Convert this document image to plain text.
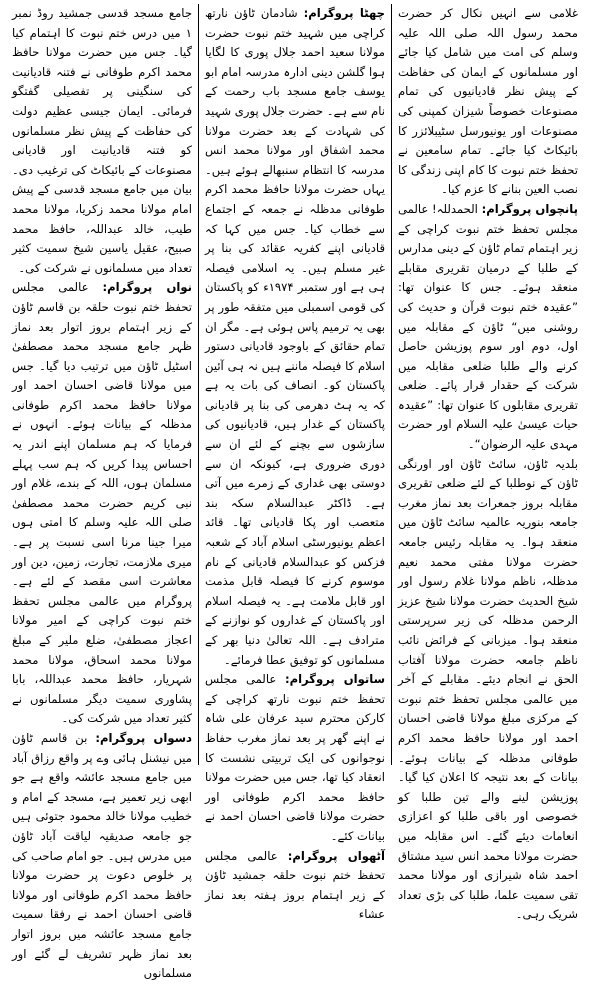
غلامی سے انہیں نکال کر حضرت محمد رسول اللہ صلی اللہ علیہ وسلم کی امت میں شامل کیا جائے اور مسلمانوں کے ایمان کی حفاظت کے پیش نظر قادیانیوں کی تمام مصنوعات خصوصاً شیزان کمپنی کی مصنوعات اور یونیورسل سٹیبلائزر کا بائیکاٹ کیا جائے۔ تمام سامعین نے تحفظ ختم نبوت کا کام اپنی زندگی کا نصب العین بنانے کا عزم کیا۔

پانچواں پروگرام: الحمدللہ! عالمی مجلس تحفظ ختم نبوت کراچی کے زیر اہتمام تمام ٹاؤن کے دینی مدارس کے طلبا کے درمیان تقریری مقابلے منعقد ہوئے۔ جس کا عنوان تھا: ”عقیدہ ختم نبوت قرآن و حدیث کی روشنی میں“ ٹاؤن کے مقابلہ میں اول، دوم اور سوم پوزیشن حاصل کرنے والے طلبا ضلعی مقابلہ میں شرکت کے حقدار قرار پائے۔ ضلعی تقریری مقابلوں کا عنوان تھا: ”عقیدہ حیات عیسیٰ علیہ السلام اور حضرت مہدی علیہ الرضوان“۔

بلدیہ ٹاؤن، سائٹ ٹاؤن اور اورنگی ٹاؤن کے نوطلبا کے لئے ضلعی تقریری مقابلہ بروز جمعرات بعد نماز مغرب جامعہ بنوریہ عالمیہ سائٹ ٹاؤن میں منعقد ہوا۔ یہ مقابلہ رئیس جامعہ حضرت مولانا مفتی محمد نعیم مدظلہ، ناظم مولانا غلام رسول اور شیخ الحدیث حضرت مولانا شیخ عزیز الرحمن مدظلہ کی زیر سرپرستی منعقد ہوا۔ میزبانی کے فرائض نائب ناظم جامعہ حضرت مولانا آفتاب الحق نے انجام دیئے۔ مقابلے کے آخر میں عالمی مجلس تحفظ ختم نبوت کے مرکزی مبلغ مولانا قاضی احسان احمد اور مولانا حافظ محمد اکرم طوفانی مدظلہ کے بیانات ہوئے۔ بیانات کے بعد نتیجہ کا اعلان کیا گیا۔ پوزیشن لینے والے تین طلبا کو خصوصی اور باقی طلبا کو اعزازی انعامات دیئے گئے۔ اس مقابلہ میں حضرت مولانا محمد انس سید مشتاق احمد شاہ شیرازی اور مولانا محمد تقی سمیت علما، طلبا کی بڑی تعداد شریک رہی۔

چھٹا پروگرام: شادمان ٹاؤن نارتھ کراچی میں شہید ختم نبوت حضرت مولانا سعید احمد جلال پوری کا لگایا ہوا گلشن دینی ادارہ مدرسہ امام ابو یوسف جامع مسجد باب رحمت کے نام سے ہے۔ حضرت جلال پوری شہید کی شہادت کے بعد حضرت مولانا محمد اشفاق اور مولانا محمد انس مدرسہ کا انتظام سنبھالے ہوئے ہیں۔ یہاں حضرت مولانا حافظ محمد اکرم طوفانی مدظلہ نے جمعہ کے اجتماع سے خطاب کیا۔ جس میں کہا کہ قادیانی اپنے کفریہ عقائد کی بنا پر غیر مسلم ہیں۔ یہ اسلامی فیصلہ ہی ہے اور ستمبر ۱۹۷۴ء کو پاکستان کی قومی اسمبلی میں متفقہ طور پر بھی یہ ترمیم پاس ہوئی ہے۔ مگر ان تمام حقائق کے باوجود قادیانی دستور اسلام کا فیصلہ ماننے ہیں نہ ہی آئین پاکستان کو۔ انصاف کی بات یہ ہے کہ یہ ہٹ دھرمی کی بنا پر قادیانی پاکستان کے غدار ہیں، قادیانیوں کی سازشوں سے بچنے کے لئے ان سے دوری ضروری ہے، کیونکہ ان سے دوستی بھی غداری کے زمرے میں آتی ہے۔ ڈاکٹر عبدالسلام سکہ بند متعصب اور پکا قادیانی تھا۔ قائد اعظم یونیورسٹی اسلام آباد کے شعبہ فزکس کو عبدالسلام قادیانی کے نام موسوم کرنے کا فیصلہ قابل مذمت اور قابل ملامت ہے۔ یہ فیصلہ اسلام اور پاکستان کے غداروں کو نوازنے کے مترادف ہے۔ اللہ تعالیٰ دنیا بھر کے مسلمانوں کو توفیق عطا فرمائے۔

ساتواں پروگرام: عالمی مجلس تحفظ ختم نبوت نارتھ کراچی کے کارکن محترم سید عرفان علی شاہ نے اپنے گھر پر بعد نماز مغرب حفاظ نوجوانوں کی ایک تربیتی نشست کا انعقاد کیا تھا، جس میں حضرت مولانا حافظ محمد اکرم طوفانی اور حضرت مولانا قاضی احسان احمد نے بیانات کئے۔

آٹھواں پروگرام: عالمی مجلس تحفظ ختم نبوت حلقہ جمشید ٹاؤن کے زیر اہتمام بروز ہفتہ بعد نماز عشاء

جامع مسجد قدسی جمشید روڈ نمبر ۱ میں درس ختم نبوت کا اہتمام کیا گیا۔ جس میں حضرت مولانا حافظ محمد اکرم طوفانی نے فتنہ قادیانیت کی سنگینی پر تفصیلی گفتگو فرمائی۔ ایمان جیسی عظیم دولت کی حفاظت کے پیش نظر مسلمانوں کو فتنہ قادیانیت اور قادیانی مصنوعات کے بائیکاٹ کی ترغیب دی۔ بیان میں جامع مسجد قدسی کے پیش امام مولانا محمد زکریا، مولانا محمد طیب، خالد عبداللہ، حافظ محمد صبیح، عقیل یاسین شیخ سمیت کثیر تعداد میں مسلمانوں نے شرکت کی۔

نواں پروگرام: عالمی مجلس تحفظ ختم نبوت حلقہ بن قاسم ٹاؤن کے زیر اہتمام بروز اتوار بعد نماز ظہر جامع مسجد محمد مصطفیٰ اسٹیل ٹاؤن میں ترتیب دیا گیا۔ جس میں مولانا قاضی احسان احمد اور مولانا حافظ محمد اکرم طوفانی مدظلہ کے بیانات ہوئے۔ انہوں نے فرمایا کہ ہم مسلمان اپنے اندر یہ احساس پیدا کریں کہ ہم سب پہلے مسلمان ہوں، اللہ کے بندے، غلام اور نبی کریم حضرت محمد مصطفیٰ صلی اللہ علیہ وسلم کا امتی ہوں میرا جینا مرنا اسی نسبت پر ہے۔ میری ملازمت، تجارت، زمین، دین اور معاشرت اسی مقصد کے لئے ہے۔ پروگرام میں عالمی مجلس تحفظ ختم نبوت کراچی کے امیر مولانا اعجاز مصطفیٰ، ضلع ملیر کے مبلغ مولانا محمد اسحاق، مولانا محمد شہریار، حافظ محمد عبداللہ، بابا پشاوری سمیت دیگر مسلمانوں نے کثیر تعداد میں شرکت کی۔

دسواں پروگرام: بن قاسم ٹاؤن میں نیشنل ہائی وے پر واقع رزاق آباد میں جامع مسجد عائشہ واقع ہے جو ابھی زیر تعمیر ہے، مسجد کے امام و خطیب مولانا خالد محمود جتوئی ہیں جو جامعہ صدیقیہ لیاقت آباد ٹاؤن میں مدرس ہیں۔ جو امام صاحب کی پر خلوص دعوت پر حضرت مولانا حافظ محمد اکرم طوفانی اور مولانا قاضی احسان احمد نے رفقا سمیت جامع مسجد عائشہ میں بروز اتوار بعد نماز ظہر تشریف لے گئے اور مسلمانوں
